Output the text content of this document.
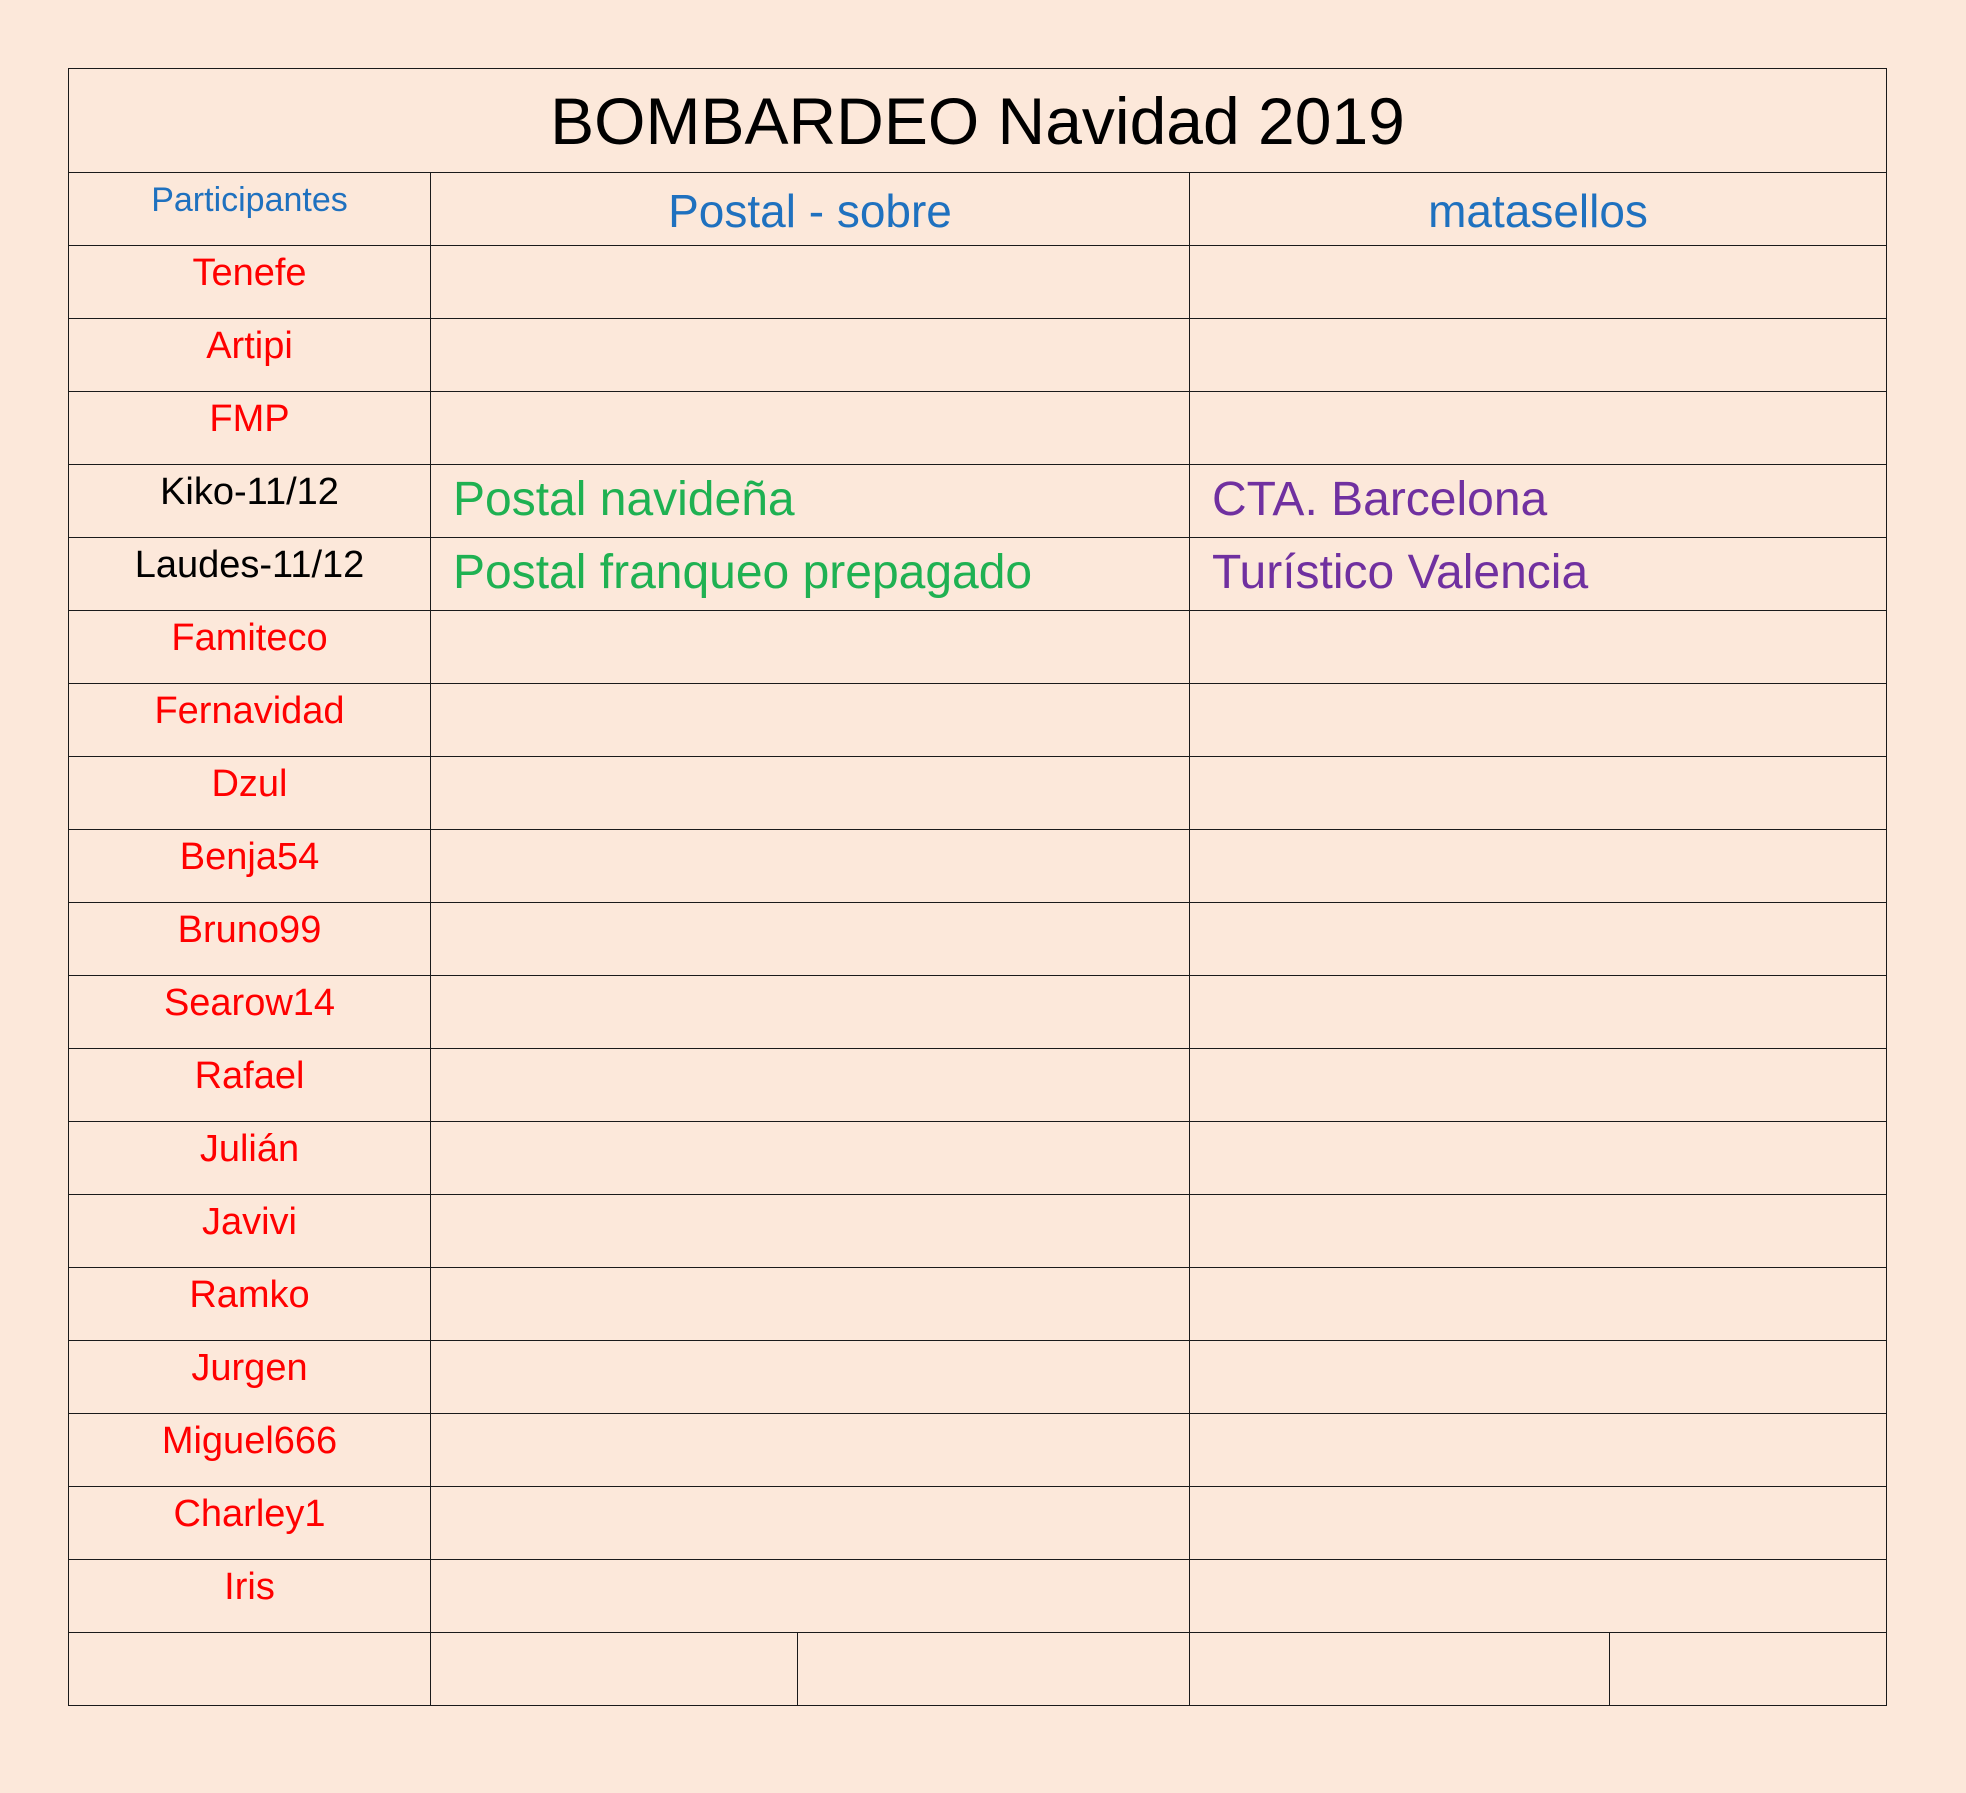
BOMBARDEO Navidad 2019				
Participantes	Postal - sobre		matasellos	
Tenefe				
Artipi				
FMP				
Kiko-11/12	Postal navideña		CTA. Barcelona	
Laudes-11/12	Postal franqueo prepagado		Turístico Valencia	
Famiteco				
Fernavidad				
Dzul				
Benja54				
Bruno99				
Searow14				
Rafael				
Julián				
Javivi				
Ramko				
Jurgen				
Miguel666				
Charley1				
Iris				
